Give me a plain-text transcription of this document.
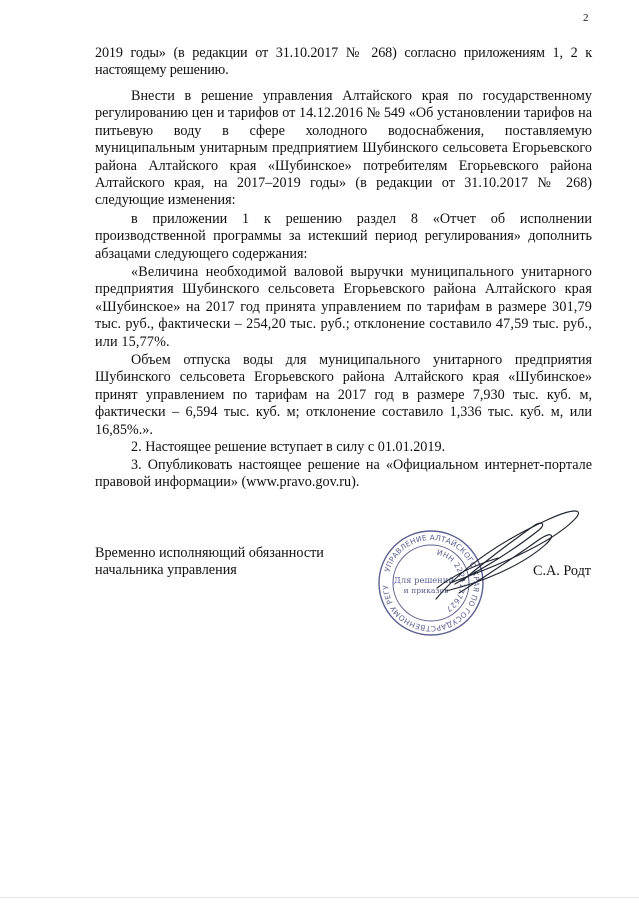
2

2019 годы» (в редакции от 31.10.2017 № 268) согласно приложениям 1, 2 к настоящему решению.

Внести в решение управления Алтайского края по государственному регулированию цен и тарифов от 14.12.2016 № 549 «Об установлении тарифов на питьевую воду в сфере холодного водоснабжения, поставляемую муниципальным унитарным предприятием Шубинского сельсовета Егорьевского района Алтайского края «Шубинское» потребителям Егорьевского района Алтайского края, на 2017–2019 годы» (в редакции от 31.10.2017 № 268) следующие изменения:

в приложении 1 к решению раздел 8 «Отчет об исполнении производственной программы за истекший период регулирования» дополнить абзацами следующего содержания:

«Величина необходимой валовой выручки муниципального унитарного предприятия Шубинского сельсовета Егорьевского района Алтайского края «Шубинское» на 2017 год принята управлением по тарифам в размере 301,79 тыс. руб., фактически – 254,20 тыс. руб.; отклонение составило 47,59 тыс. руб., или 15,77%.

Объем отпуска воды для муниципального унитарного предприятия Шубинского сельсовета Егорьевского района Алтайского края «Шубинское» принят управлением по тарифам на 2017 год в размере 7,930 тыс. куб. м, фактически – 6,594 тыс. куб. м; отклонение составило 1,336 тыс. куб. м, или 16,85%.».

2. Настоящее решение вступает в силу с 01.01.2019.

3. Опубликовать настоящее решение на «Официальном интернет-портале правовой информации» (www.pravo.gov.ru).

Временно исполняющий обязанности
начальника управления	С.А. Родт
УПРАВЛЕНИЕ АЛТАЙСКОГО КРАЯ ПО ГОСУДАРСТВЕННОМУ РЕГУЛИРОВАНИЮ ЦЕН И ТАРИФОВ
ИНН 2221177627
Для решений
и приказов
